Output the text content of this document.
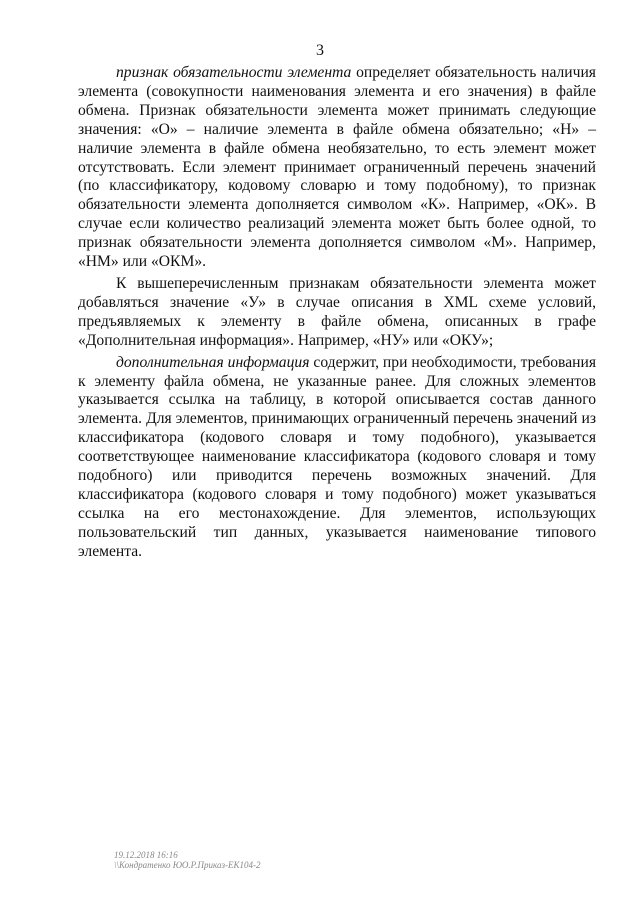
3

признак обязательности элемента определяет обязательность наличия элемента (совокупности наименования элемента и его значения) в файле обмена. Признак обязательности элемента может принимать следующие значения: «О» – наличие элемента в файле обмена обязательно; «Н» – наличие элемента в файле обмена необязательно, то есть элемент может отсутствовать. Если элемент принимает ограниченный перечень значений (по классификатору, кодовому словарю и тому подобному), то признак обязательности элемента дополняется символом «К». Например, «ОК». В случае если количество реализаций элемента может быть более одной, то признак обязательности элемента дополняется символом «М». Например, «НМ» или «ОКМ».

К вышеперечисленным признакам обязательности элемента может добавляться значение «У» в случае описания в XML схеме условий, предъявляемых к элементу в файле обмена, описанных в графе «Дополнительная информация». Например, «НУ» или «ОКУ»;

дополнительная информация содержит, при необходимости, требования к элементу файла обмена, не указанные ранее. Для сложных элементов указывается ссылка на таблицу, в которой описывается состав данного элемента. Для элементов, принимающих ограниченный перечень значений из классификатора (кодового словаря и тому подобного), указывается соответствующее наименование классификатора (кодового словаря и тому подобного) или приводится перечень возможных значений. Для классификатора (кодового словаря и тому подобного) может указываться ссылка на его местонахождение. Для элементов, использующих пользовательский тип данных, указывается наименование типового элемента.

19.12.2018 16:16
\\Кондратенко ЮО.Р.Приказ-ЕК104-2
